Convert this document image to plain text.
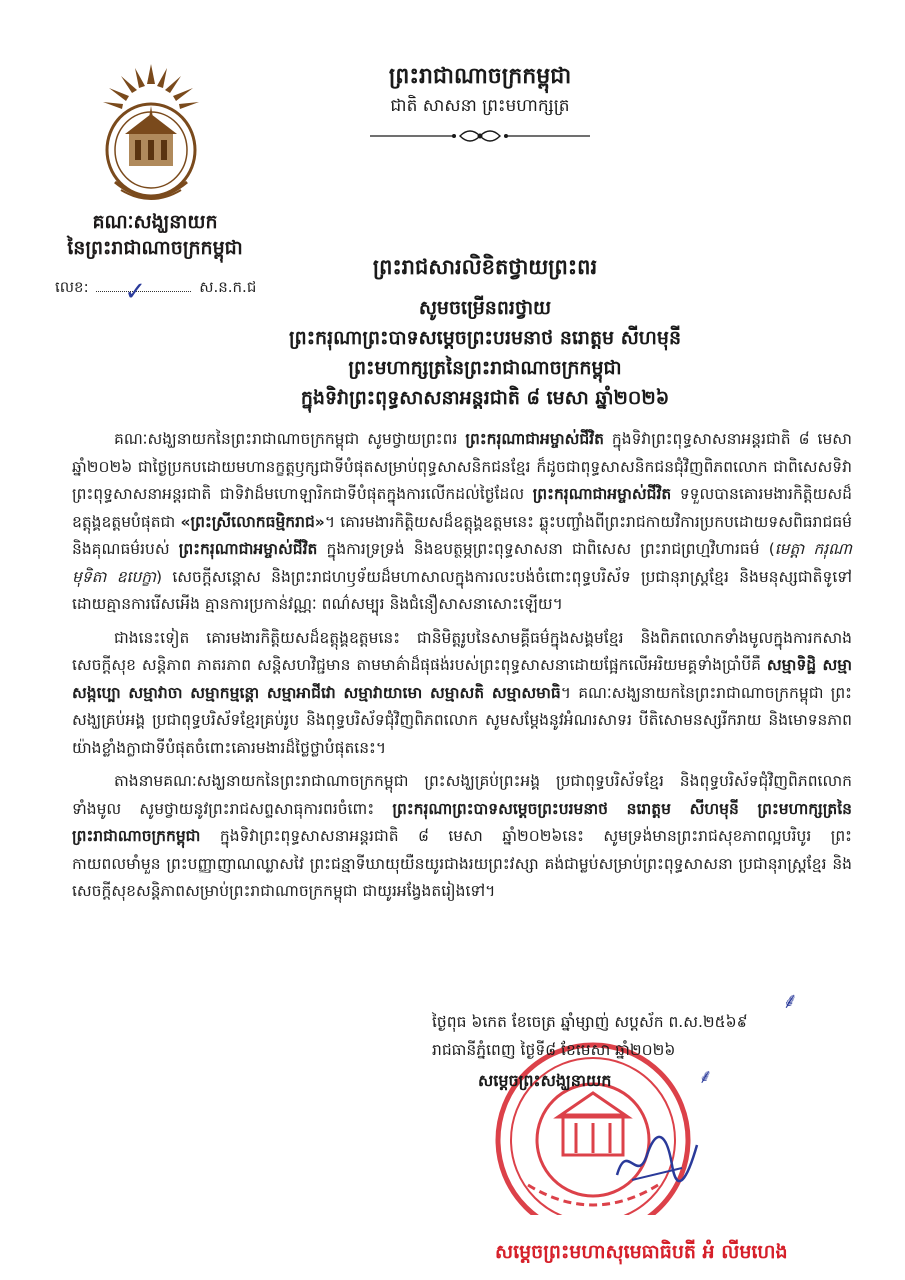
គណៈសង្ឃនាយក
នៃព្រះរាជាណាចក្រកម្ពុជា
លេខ: ✓	ស.ន.ក.ជ
ព្រះរាជាណាចក្រកម្ពុជា
ជាតិ សាសនា ព្រះមហាក្សត្រ
ព្រះរាជសារលិខិតថ្វាយព្រះពរ
សូមចម្រើនពរថ្វាយ
ព្រះករុណាព្រះបាទសម្តេចព្រះបរមនាថ នរោត្តម សីហមុនី
ព្រះមហាក្សត្រនៃព្រះរាជាណាចក្រកម្ពុជា
ក្នុងទិវាព្រះពុទ្ធសាសនាអន្តរជាតិ ៨ មេសា ឆ្នាំ២០២៦

គណៈសង្ឃនាយកនៃព្រះរាជាណាចក្រកម្ពុជា សូមថ្វាយព្រះពរ ព្រះករុណាជាអម្ចាស់ជីវិត ក្នុងទិវាព្រះពុទ្ធសាសនាអន្តរជាតិ ៨ មេសា ឆ្នាំ២០២៦ ជាថ្ងៃប្រកបដោយមហានក្ខត្តឫក្សជាទីបំផុតសម្រាប់ពុទ្ធសាសនិកជនខ្មែរ ក៏ដូចជាពុទ្ធសាសនិកជនជុំវិញពិភពលោក ជាពិសេសទិវាព្រះពុទ្ធសាសនាអន្តរជាតិ ជាទិវាដ៏មហោឡារិកជាទីបំផុតក្នុងការលើកដល់ថ្ងៃដែល ព្រះករុណាជាអម្ចាស់ជីវិត ទទួលបានគោរមងារកិត្តិយសដ៏ឧត្តុង្គឧត្តមបំផុតជា «ព្រះស្រីលោកធម្មិករាជ»។ គោរមងារកិត្តិយសដ៏ឧត្តុង្គឧត្តមនេះ ឆ្លុះបញ្ចាំងពីព្រះរាជកាយវិការប្រកបដោយទសពិធរាជធម៌ និងគុណធម៌របស់ ព្រះករុណាជាអម្ចាស់ជីវិត ក្នុងការទ្រទ្រង់ និងឧបត្ថម្ភព្រះពុទ្ធសាសនា ជាពិសេស ព្រះរាជព្រហ្មវិហារធម៌ (មេត្តា ករុណា មុទិតា ឧបេក្ខា) សេចក្តីសន្តោស និងព្រះរាជហឫទ័យដ៏មហាសាលក្នុងការលះបង់ចំពោះពុទ្ធបរិស័ទ ប្រជានុរាស្ត្រខ្មែរ និងមនុស្សជាតិទូទៅដោយគ្មានការរើសអើង គ្មានការប្រកាន់វណ្ណៈ ពណ៌សម្បុរ និងជំនឿសាសនាសោះឡើយ។

ជាងនេះទៀត គោរមងារកិត្តិយសដ៏ឧត្តុង្គឧត្តមនេះ ជានិមិត្តរូបនៃសាមគ្គីធម៌ក្នុងសង្គមខ្មែរ និងពិភពលោកទាំងមូលក្នុងការកសាងសេចក្តីសុខ សន្តិភាព ភាតរភាព សន្តិសហវិជ្ជមាន តាមមាគ៌ាដ៏ផុផង់របស់ព្រះពុទ្ធសាសនាដោយផ្អែកលើអរិយមគ្គទាំងប្រាំបីគឺ សម្មាទិដ្ឋិ សម្មាសង្កប្បោ សម្មាវាចា សម្មាកម្មន្តោ សម្មាអាជីវោ សម្មាវាយាមោ សម្មាសតិ សម្មាសមាធិ។ គណៈសង្ឃនាយកនៃព្រះរាជាណាចក្រកម្ពុជា ព្រះសង្ឃគ្រប់អង្គ ប្រជាពុទ្ធបរិស័ទខ្មែរគ្រប់រូប និងពុទ្ធបរិស័ទជុំវិញពិភពលោក សូមសម្តែងនូវអំណរសាទរ បីតិសោមនស្សរីករាយ និងមោទនភាពយ៉ាងខ្លាំងក្លាជាទីបំផុតចំពោះគោរមងារដ៏ថ្លៃថ្លាបំផុតនេះ។

តាងនាមគណៈសង្ឃនាយកនៃព្រះរាជាណាចក្រកម្ពុជា ព្រះសង្ឃគ្រប់ព្រះអង្គ ប្រជាពុទ្ធបរិស័ទខ្មែរ និងពុទ្ធបរិស័ទជុំវិញពិភពលោកទាំងមូល សូមថ្វាយនូវព្រះរាជសព្ទសាធុការពរចំពោះ ព្រះករុណាព្រះបាទសម្តេចព្រះបរមនាថ នរោត្តម សីហមុនី ព្រះមហាក្សត្រនៃព្រះរាជាណាចក្រកម្ពុជា ក្នុងទិវាព្រះពុទ្ធសាសនាអន្តរជាតិ ៨ មេសា ឆ្នាំ២០២៦នេះ សូមទ្រង់មានព្រះរាជសុខភាពល្អបរិបូរ ព្រះកាយពលមាំមួន ព្រះបញ្ញាញាណឈ្លាសវៃ ព្រះជន្មាទីឃាយុយឺនយូរជាងរយព្រះវស្សា គង់ជាម្លប់សម្រាប់ព្រះពុទ្ធសាសនា ប្រជានុរាស្ត្រខ្មែរ និងសេចក្តីសុខសន្តិភាពសម្រាប់ព្រះរាជាណាចក្រកម្ពុជា ជាយូរអង្វែងតរៀងទៅ។

⸙
ថ្ងៃពុធ ៦កេត ខែចេត្រ ឆ្នាំម្សាញ់ សប្តស័ក ព.ស.២៥៦៩
រាជធានីភ្នំពេញ ថ្ងៃទី៨ ខែមេសា ឆ្នាំ២០២៦
សម្តេចព្រះសង្ឃនាយក	⸙
សម្តេចព្រះមហាសុមេធាធិបតី អំ លីមហេង
